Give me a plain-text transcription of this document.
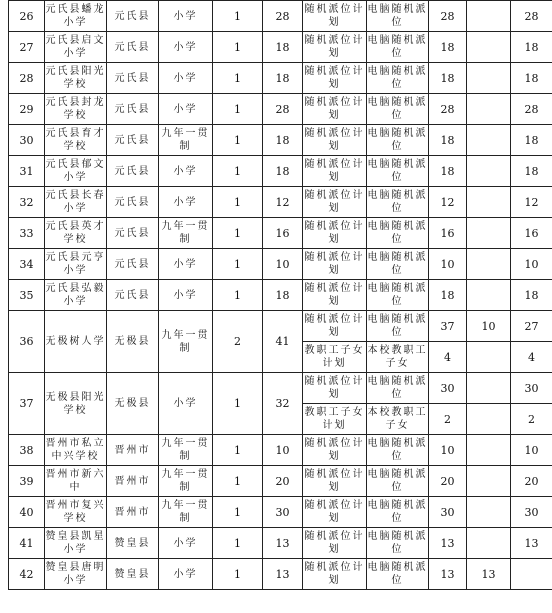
26	元氏县蟠龙小学	元氏县	小学	1	28	随机派位计划	电脑随机派位	28		28
27	元氏县启文小学	元氏县	小学	1	18	随机派位计划	电脑随机派位	18		18
28	元氏县阳光学校	元氏县	小学	1	18	随机派位计划	电脑随机派位	18		18
29	元氏县封龙学校	元氏县	小学	1	28	随机派位计划	电脑随机派位	28		28
30	元氏县育才学校	元氏县	九年一贯制	1	18	随机派位计划	电脑随机派位	18		18
31	元氏县郁文小学	元氏县	小学	1	18	随机派位计划	电脑随机派位	18		18
32	元氏县长春小学	元氏县	小学	1	12	随机派位计划	电脑随机派位	12		12
33	元氏县英才学校	元氏县	九年一贯制	1	16	随机派位计划	电脑随机派位	16		16
34	元氏县元亨小学	元氏县	小学	1	10	随机派位计划	电脑随机派位	10		10
35	元氏县弘毅小学	元氏县	小学	1	18	随机派位计划	电脑随机派位	18		18
36	无极树人学	无极县	九年一贯制	2	41	随机派位计划	电脑随机派位	37	10	27
						教职工子女计划	本校教职工子女	4		4
37	无极县阳光学校	无极县	小学	1	32	随机派位计划	电脑随机派位	30		30
						教职工子女计划	本校教职工子女	2		2
38	晋州市私立中兴学校	晋州市	九年一贯制	1	10	随机派位计划	电脑随机派位	10		10
39	晋州市新六中	晋州市	九年一贯制	1	20	随机派位计划	电脑随机派位	20		20
40	晋州市复兴学校	晋州市	九年一贯制	1	30	随机派位计划	电脑随机派位	30		30
41	赞皇县凯星小学	赞皇县	小学	1	13	随机派位计划	电脑随机派位	13		13
42	赞皇县唐明小学	赞皇县	小学	1	13	随机派位计划	电脑随机派位	13	13	
